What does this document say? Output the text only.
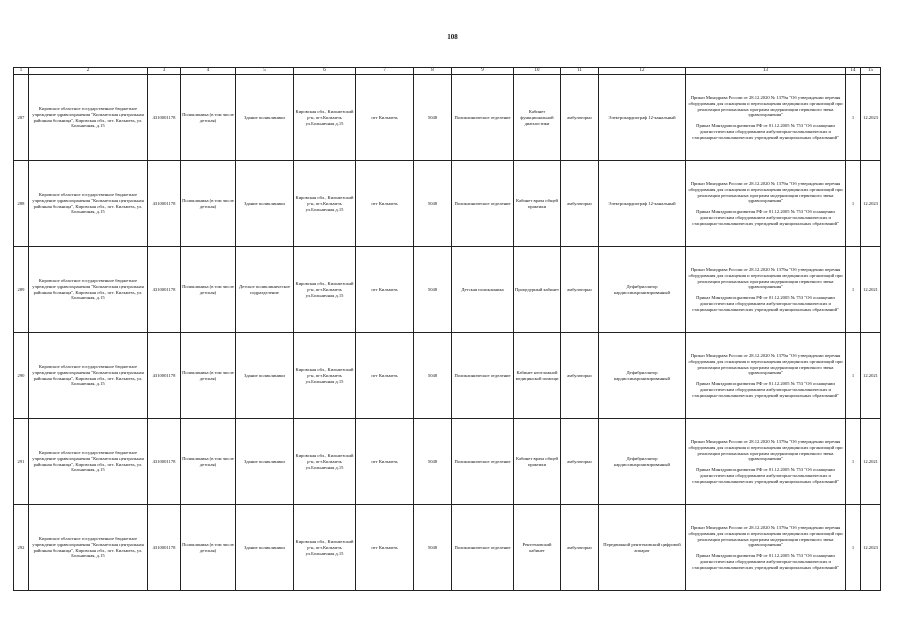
108
1	2	3	4	5	6	7	8	9	10	11	12	13	14	15
287	Кировское областное государственное бюджетное учреждение здравоохранения "Кильмезская центральная районная больница", Кировская обл., пгт. Кильмезь, ул. Больничная, д.15	4310001178	Поликлиника (в том числе детская)	Здание поликлиники	Кировская обл., Кильмезский р-н, пгт.Кильмезь ул.Больничная д.15	пгт Кильмезь	5048	Поликлиническое отделение	Кабинет функциональной диагностики	амбулаторно	Электрокардиограф 12-канальный	Приказ Минздрава России от 28.12.2020 № 1379н "Об утверждении перечня оборудования для оснащения и переоснащения медицинских организаций при реализации региональных программ модернизации первичного звена здравоохранения"
Приказ Минздравсоцразвития РФ от 01.12.2005 № 753 "Об оснащении диагностическим оборудованием амбулаторно-поликлинических и стационарно-поликлинических учреждений муниципальных образований"	1	12.2023
288	Кировское областное государственное бюджетное учреждение здравоохранения "Кильмезская центральная районная больница", Кировская обл., пгт. Кильмезь, ул. Больничная, д.15	4310001178	Поликлиника (в том числе детская)	Здание поликлиники	Кировская обл., Кильмезский р-н, пгт.Кильмезь ул.Больничная д.15	пгт Кильмезь	5048	Поликлиническое отделение	Кабинет врача общей практики	амбулаторно	Электрокардиограф 12-канальный	Приказ Минздрава России от 28.12.2020 № 1379н "Об утверждении перечня оборудования для оснащения и переоснащения медицинских организаций при реализации региональных программ модернизации первичного звена здравоохранения"
Приказ Минздравсоцразвития РФ от 01.12.2005 № 753 "Об оснащении диагностическим оборудованием амбулаторно-поликлинических и стационарно-поликлинических учреждений муниципальных образований"	1	12.2023
289	Кировское областное государственное бюджетное учреждение здравоохранения "Кильмезская центральная районная больница", Кировская обл., пгт. Кильмезь, ул. Больничная, д.15	4310001178	Поликлиника (в том числе детская)	Детское поликлиническое подразделение	Кировская обл., Кильмезский р-н, пгт.Кильмезь ул.Больничная д.15	пгт Кильмезь	5048	Детская поликлиника	Процедурный кабинет	амбулаторно	Дефибриллятор кардиосинхронизированный	Приказ Минздрава России от 28.12.2020 № 1379н "Об утверждении перечня оборудования для оснащения и переоснащения медицинских организаций при реализации региональных программ модернизации первичного звена здравоохранения"
Приказ Минздравсоцразвития РФ от 01.12.2005 № 753 "Об оснащении диагностическим оборудованием амбулаторно-поликлинических и стационарно-поликлинических учреждений муниципальных образований"	1	12.2021
290	Кировское областное государственное бюджетное учреждение здравоохранения "Кильмезская центральная районная больница", Кировская обл., пгт. Кильмезь, ул. Больничная, д.15	4310001178	Поликлиника (в том числе детская)	Здание поликлиники	Кировская обл., Кильмезский р-н, пгт.Кильмезь ул.Больничная д.15	пгт Кильмезь	5048	Поликлиническое отделение	Кабинет неотложной медицинской помощи	амбулаторно	Дефибриллятор кардиосинхронизированный	Приказ Минздрава России от 28.12.2020 № 1379н "Об утверждении перечня оборудования для оснащения и переоснащения медицинских организаций при реализации региональных программ модернизации первичного звена здравоохранения"
Приказ Минздравсоцразвития РФ от 01.12.2005 № 753 "Об оснащении диагностическим оборудованием амбулаторно-поликлинических и стационарно-поликлинических учреждений муниципальных образований"	1	12.2021
291	Кировское областное государственное бюджетное учреждение здравоохранения "Кильмезская центральная районная больница", Кировская обл., пгт. Кильмезь, ул. Больничная, д.15	4310001178	Поликлиника (в том числе детская)	Здание поликлиники	Кировская обл., Кильмезский р-н, пгт.Кильмезь ул.Больничная д.15	пгт Кильмезь	5048	Поликлиническое отделение	Кабинет врача общей практики	амбулаторно	Дефибриллятор кардиосинхронизированный	Приказ Минздрава России от 28.12.2020 № 1379н "Об утверждении перечня оборудования для оснащения и переоснащения медицинских организаций при реализации региональных программ модернизации первичного звена здравоохранения"
Приказ Минздравсоцразвития РФ от 01.12.2005 № 753 "Об оснащении диагностическим оборудованием амбулаторно-поликлинических и стационарно-поликлинических учреждений муниципальных образований"	1	12.2021
292	Кировское областное государственное бюджетное учреждение здравоохранения "Кильмезская центральная районная больница", Кировская обл., пгт. Кильмезь, ул. Больничная, д.15	4310001178	Поликлиника (в том числе детская)	Здание поликлиники	Кировская обл., Кильмезский р-н, пгт.Кильмезь ул.Больничная д.15	пгт Кильмезь	5048	Поликлиническое отделение	Рентгеновский кабинет	амбулаторно	Передвижной рентгеновский цифровой аппарат	Приказ Минздрава России от 28.12.2020 № 1379н "Об утверждении перечня оборудования для оснащения и переоснащения медицинских организаций при реализации региональных программ модернизации первичного звена здравоохранения"
Приказ Минздравсоцразвития РФ от 01.12.2005 № 753 "Об оснащении диагностическим оборудованием амбулаторно-поликлинических и стационарно-поликлинических учреждений муниципальных образований"	1	12.2023
